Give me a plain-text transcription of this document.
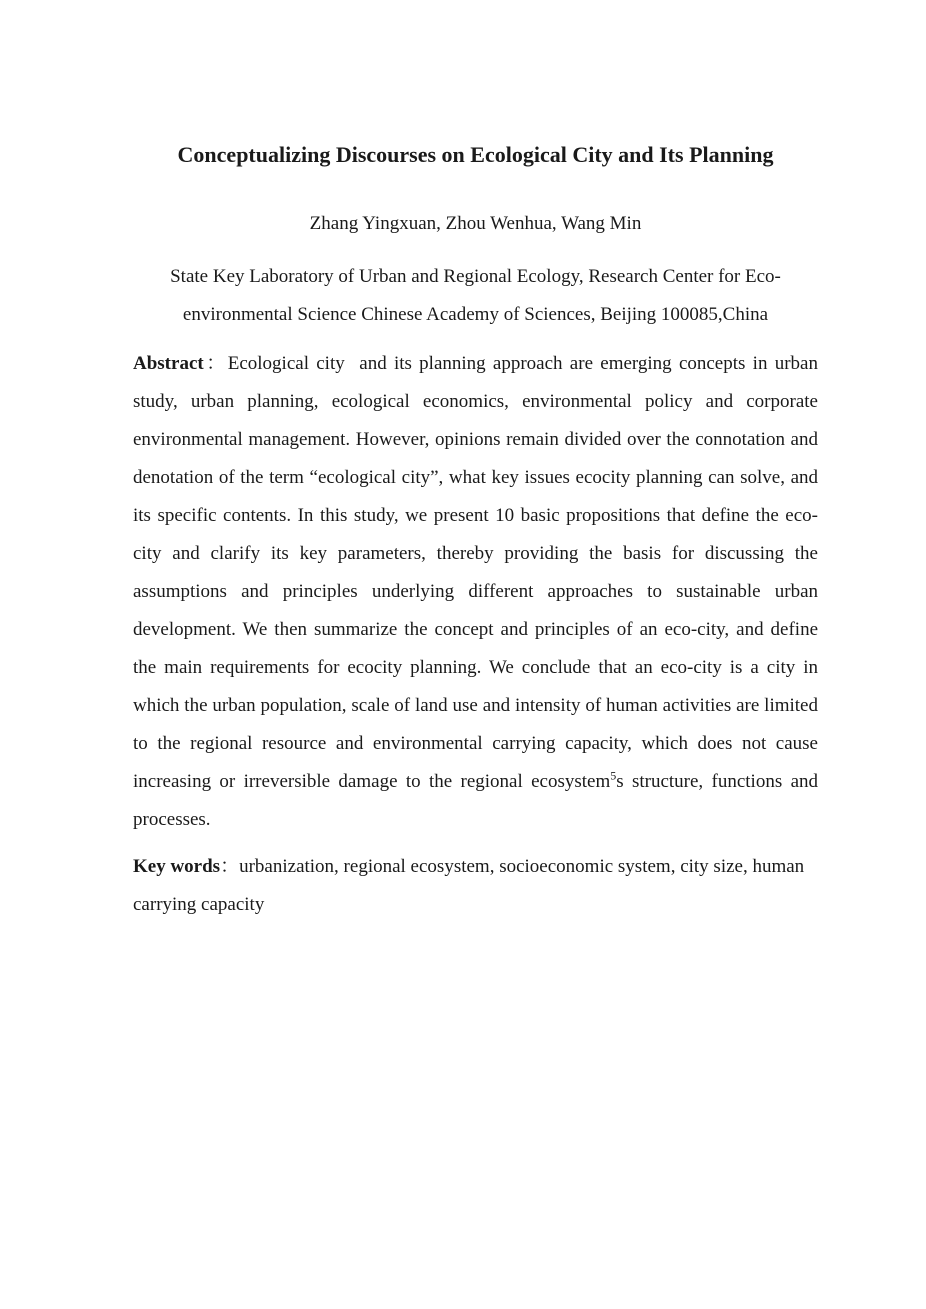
Conceptualizing Discourses on Ecological City and Its Planning

Zhang Yingxuan, Zhou Wenhua, Wang Min

State Key Laboratory of Urban and Regional Ecology, Research Center for Eco-environmental Science Chinese Academy of Sciences, Beijing 100085,China

Abstract：Ecological city  and its planning approach are emerging concepts in urban study, urban planning, ecological economics, environmental policy and corporate environmental management. However, opinions remain divided over the connotation and denotation of the term “ecological city”, what key issues ecocity planning can solve, and its specific contents. In this study, we present 10 basic propositions that define the eco-city and clarify its key parameters, thereby providing the basis for discussing the assumptions and principles underlying different approaches to sustainable urban development. We then summarize the concept and principles of an eco-city, and define the main requirements for ecocity planning. We conclude that an eco-city is a city in which the urban population, scale of land use and intensity of human activities are limited to the regional resource and environmental carrying capacity, which does not cause increasing or irreversible damage to the regional ecosystem$^5$s structure, functions and processes.

Key words：urbanization, regional ecosystem, socioeconomic system, city size, human carrying capacity
